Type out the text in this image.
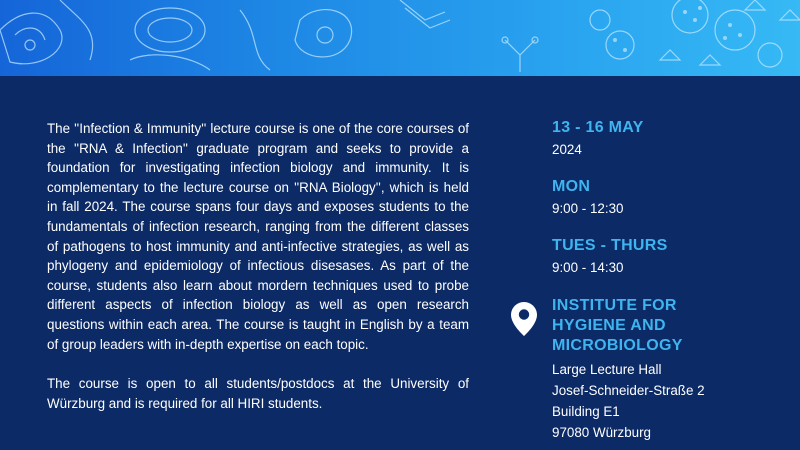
The ''Infection & Immunity'' lecture course is one of the core courses of the ''RNA & Infection'' graduate program and seeks to provide a foundation for investigating infection biology and immunity. It is complementary to the lecture course on ''RNA Biology'', which is held in fall 2024. The course spans four days and exposes students to the fundamentals of infection research, ranging from the different classes of pathogens to host immunity and anti-infective strategies, as well as phylogeny and epidemiology of infectious disesases. As part of the course, students also learn about mordern techniques used to probe different aspects of infection biology as well as open research questions within each area. The course is taught in English by a team of group leaders with in-depth expertise on each topic.

The course is open to all students/postdocs at the University of Würzburg and is required for all HIRI students.

13 - 16 MAY
2024
MON
9:00 - 12:30
TUES - THURS
9:00 - 14:30
INSTITUTE FOR
HYGIENE AND
MICROBIOLOGY
Large Lecture Hall
Josef-Schneider-Straße 2
Building E1
97080 Würzburg
